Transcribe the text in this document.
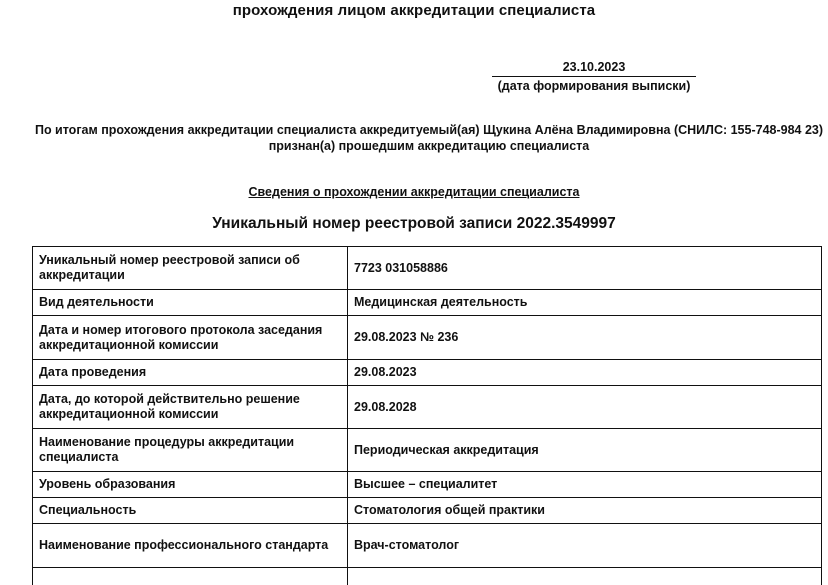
прохождения лицом аккредитации специалиста
23.10.2023
(дата формирования выписки)
По итогам прохождения аккредитации специалиста аккредитуемый(ая) Щукина Алёна Владимировна (СНИЛС: 155-748-984 23) признан(а) прошедшим аккредитацию специалиста
Сведения о прохождении аккредитации специалиста
Уникальный номер реестровой записи 2022.3549997
Уникальный номер реестровой записи об аккредитации	7723 031058886
Вид деятельности	Медицинская деятельность
Дата и номер итогового протокола заседания аккредитационной комиссии	29.08.2023 № 236
Дата проведения	29.08.2023
Дата, до которой действительно решение аккредитационной комиссии	29.08.2028
Наименование процедуры аккредитации специалиста	Периодическая аккредитация
Уровень образования	Высшее – специалитет
Специальность	Стоматология общей практики
Наименование профессионального стандарта	Врач-стоматолог
